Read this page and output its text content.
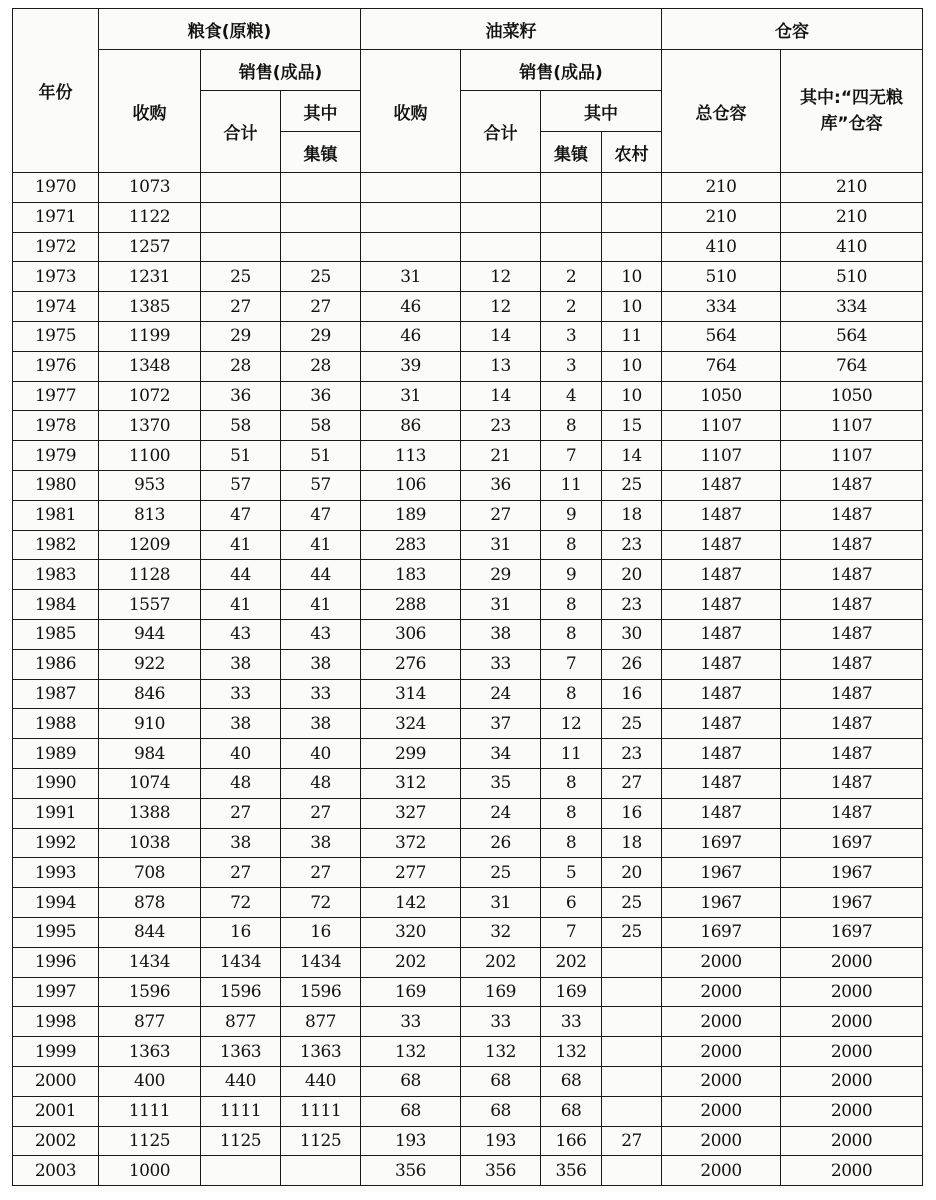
年份	粮食(原粮)			油菜籽				仓容	
	收购	销售(成品)		收购	销售(成品)			总仓容	其中:“四无粮库”仓容
		合计	其中		合计	其中			
			集镇			集镇	农村		
1970	1073							210	210
1971	1122							210	210
1972	1257							410	410
1973	1231	25	25	31	12	2	10	510	510
1974	1385	27	27	46	12	2	10	334	334
1975	1199	29	29	46	14	3	11	564	564
1976	1348	28	28	39	13	3	10	764	764
1977	1072	36	36	31	14	4	10	1050	1050
1978	1370	58	58	86	23	8	15	1107	1107
1979	1100	51	51	113	21	7	14	1107	1107
1980	953	57	57	106	36	11	25	1487	1487
1981	813	47	47	189	27	9	18	1487	1487
1982	1209	41	41	283	31	8	23	1487	1487
1983	1128	44	44	183	29	9	20	1487	1487
1984	1557	41	41	288	31	8	23	1487	1487
1985	944	43	43	306	38	8	30	1487	1487
1986	922	38	38	276	33	7	26	1487	1487
1987	846	33	33	314	24	8	16	1487	1487
1988	910	38	38	324	37	12	25	1487	1487
1989	984	40	40	299	34	11	23	1487	1487
1990	1074	48	48	312	35	8	27	1487	1487
1991	1388	27	27	327	24	8	16	1487	1487
1992	1038	38	38	372	26	8	18	1697	1697
1993	708	27	27	277	25	5	20	1967	1967
1994	878	72	72	142	31	6	25	1967	1967
1995	844	16	16	320	32	7	25	1697	1697
1996	1434	1434	1434	202	202	202		2000	2000
1997	1596	1596	1596	169	169	169		2000	2000
1998	877	877	877	33	33	33		2000	2000
1999	1363	1363	1363	132	132	132		2000	2000
2000	400	440	440	68	68	68		2000	2000
2001	1111	1111	1111	68	68	68		2000	2000
2002	1125	1125	1125	193	193	166	27	2000	2000
2003	1000			356	356	356		2000	2000
